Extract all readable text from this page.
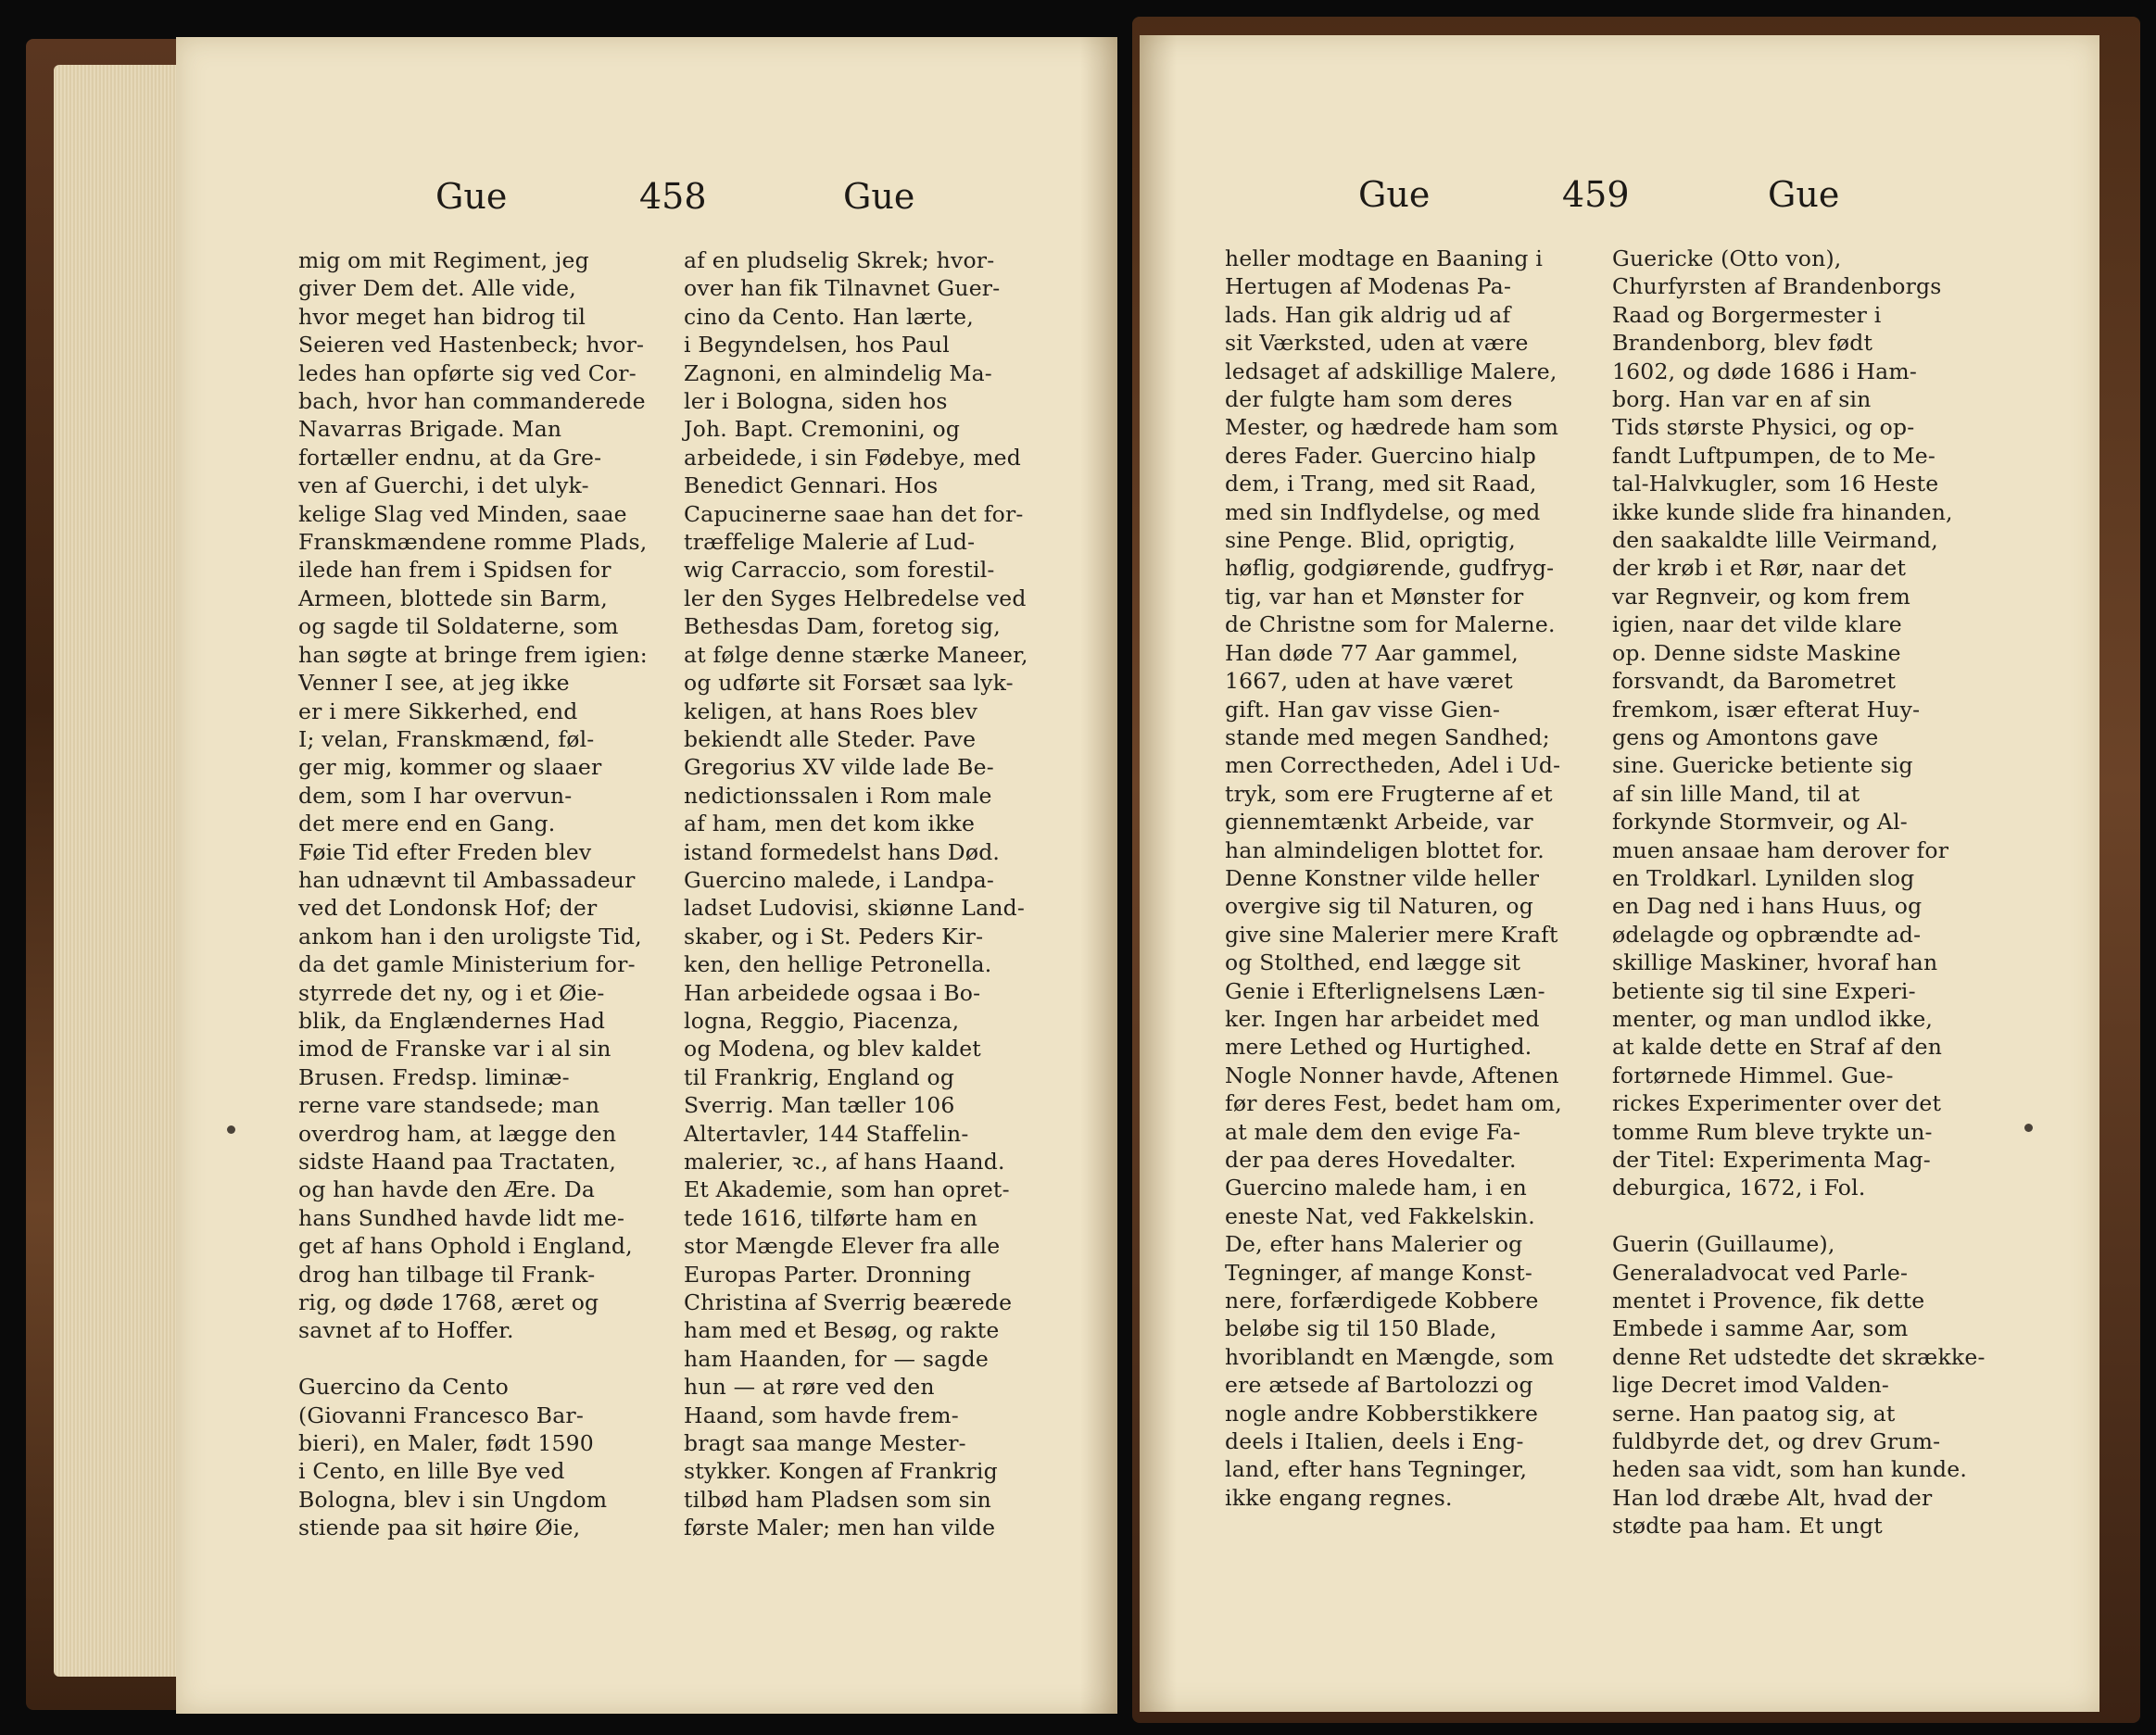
Gue	458	Gue
mig om mit Regiment, jeg
giver Dem det. Alle vide,
hvor meget han bidrog til
Seieren ved Hastenbeck; hvor-
ledes han opførte sig ved Cor-
bach, hvor han commanderede
Navarras Brigade. Man
fortæller endnu, at da Gre-
ven af Guerchi, i det ulyk-
kelige Slag ved Minden, saae
Franskmændene romme Plads,
ilede han frem i Spidsen for
Armeen, blottede sin Barm,
og sagde til Soldaterne, som
han søgte at bringe frem igien:
Venner I see, at jeg ikke
er i mere Sikkerhed, end
I; velan, Franskmænd, føl-
ger mig, kommer og slaaer
dem, som I har overvun-
det mere end en Gang.
Føie Tid efter Freden blev
han udnævnt til Ambassadeur
ved det Londonsk Hof; der
ankom han i den uroligste Tid,
da det gamle Ministerium for-
styrrede det ny, og i et Øie-
blik, da Englændernes Had
imod de Franske var i al sin
Brusen. Fredsp. liminæ-
rerne vare standsede; man
overdrog ham, at lægge den
sidste Haand paa Tractaten,
og han havde den Ære. Da
hans Sundhed havde lidt me-
get af hans Ophold i England,
drog han tilbage til Frank-
rig, og døde 1768, æret og
savnet af to Hoffer.

Guercino da Cento
(Giovanni Francesco Bar-
bieri), en Maler, født 1590
i Cento, en lille Bye ved
Bologna, blev i sin Ungdom
stiende paa sit høire Øie,
af en pludselig Skrek; hvor-
over han fik Tilnavnet Guer-
cino da Cento. Han lærte,
i Begyndelsen, hos Paul
Zagnoni, en almindelig Ma-
ler i Bologna, siden hos
Joh. Bapt. Cremonini, og
arbeidede, i sin Fødebye, med
Benedict Gennari. Hos
Capucinerne saae han det for-
træffelige Malerie af Lud-
wig Carraccio, som forestil-
ler den Syges Helbredelse ved
Bethesdas Dam, foretog sig,
at følge denne stærke Maneer,
og udførte sit Forsæt saa lyk-
keligen, at hans Roes blev
bekiendt alle Steder. Pave
Gregorius XV vilde lade Be-
nedictionssalen i Rom male
af ham, men det kom ikke
istand formedelst hans Død.
Guercino malede, i Landpa-
ladset Ludovisi, skiønne Land-
skaber, og i St. Peders Kir-
ken, den hellige Petronella.
Han arbeidede ogsaa i Bo-
logna, Reggio, Piacenza,
og Modena, og blev kaldet
til Frankrig, England og
Sverrig. Man tæller 106
Altertavler, 144 Staffelin-
malerier, ꝛc., af hans Haand.
Et Akademie, som han opret-
tede 1616, tilførte ham en
stor Mængde Elever fra alle
Europas Parter. Dronning
Christina af Sverrig beærede
ham med et Besøg, og rakte
ham Haanden, for — sagde
hun — at røre ved den
Haand, som havde frem-
bragt saa mange Mester-
stykker. Kongen af Frankrig
tilbød ham Pladsen som sin
første Maler; men han vilde
Gue	459	Gue
heller modtage en Baaning i
Hertugen af Modenas Pa-
lads. Han gik aldrig ud af
sit Værksted, uden at være
ledsaget af adskillige Malere,
der fulgte ham som deres
Mester, og hædrede ham som
deres Fader. Guercino hialp
dem, i Trang, med sit Raad,
med sin Indflydelse, og med
sine Penge. Blid, oprigtig,
høflig, godgiørende, gudfryg-
tig, var han et Mønster for
de Christne som for Malerne.
Han døde 77 Aar gammel,
1667, uden at have været
gift. Han gav visse Gien-
stande med megen Sandhed;
men Correctheden, Adel i Ud-
tryk, som ere Frugterne af et
giennemtænkt Arbeide, var
han almindeligen blottet for.
Denne Konstner vilde heller
overgive sig til Naturen, og
give sine Malerier mere Kraft
og Stolthed, end lægge sit
Genie i Efterlignelsens Læn-
ker. Ingen har arbeidet med
mere Lethed og Hurtighed.
Nogle Nonner havde, Aftenen
før deres Fest, bedet ham om,
at male dem den evige Fa-
der paa deres Hovedalter.
Guercino malede ham, i en
eneste Nat, ved Fakkelskin.
De, efter hans Malerier og
Tegninger, af mange Konst-
nere, forfærdigede Kobbere
beløbe sig til 150 Blade,
hvoriblandt en Mængde, som
ere ætsede af Bartolozzi og
nogle andre Kobberstikkere
deels i Italien, deels i Eng-
land, efter hans Tegninger,
ikke engang regnes.
Guericke (Otto von),
Churfyrsten af Brandenborgs
Raad og Borgermester i
Brandenborg, blev født
1602, og døde 1686 i Ham-
borg. Han var en af sin
Tids største Physici, og op-
fandt Luftpumpen, de to Me-
tal-Halvkugler, som 16 Heste
ikke kunde slide fra hinanden,
den saakaldte lille Veirmand,
der krøb i et Rør, naar det
var Regnveir, og kom frem
igien, naar det vilde klare
op. Denne sidste Maskine
forsvandt, da Barometret
fremkom, især efterat Huy-
gens og Amontons gave
sine. Guericke betiente sig
af sin lille Mand, til at
forkynde Stormveir, og Al-
muen ansaae ham derover for
en Troldkarl. Lynilden slog
en Dag ned i hans Huus, og
ødelagde og opbrændte ad-
skillige Maskiner, hvoraf han
betiente sig til sine Experi-
menter, og man undlod ikke,
at kalde dette en Straf af den
fortørnede Himmel. Gue-
rickes Experimenter over det
tomme Rum bleve trykte un-
der Titel: Experimenta Mag-
deburgica, 1672, i Fol.

Guerin (Guillaume),
Generaladvocat ved Parle-
mentet i Provence, fik dette
Embede i samme Aar, som
denne Ret udstedte det skrække-
lige Decret imod Valden-
serne. Han paatog sig, at
fuldbyrde det, og drev Grum-
heden saa vidt, som han kunde.
Han lod dræbe Alt, hvad der
stødte paa ham. Et ungt
